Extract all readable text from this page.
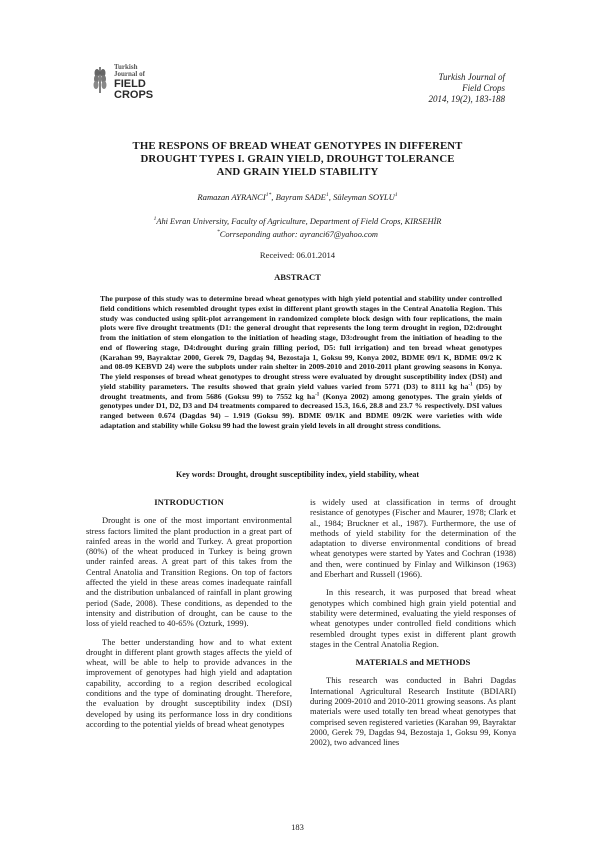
Turkish
Journal of
FIELD
CROPS
Turkish Journal of
Field Crops
2014, 19(2), 183-188
THE RESPONS OF BREAD WHEAT GENOTYPES IN DIFFERENT
DROUGHT TYPES I. GRAIN YIELD, DROUHGT TOLERANCE
AND GRAIN YIELD STABILITY
Ramazan $AYRANCI^{1*}$, Bayram SADE$^1$, Süleyman SOYLU$^1$
$^1$Ahi Evran University, Faculty of Agriculture, Department of Field Crops, KIRSEHİR
*Corrseponding author: ayranci67@yahoo.com
Received: 06.01.2014
ABSTRACT
The purpose of this study was to determine bread wheat genotypes with high yield potential and stability under controlled field conditions which resembled drought types exist in different plant growth stages in the Central Anatolia Region. This study was conducted using split-plot arrangement in randomized complete block design with four replications, the main plots were five drought treatments (D1: the general drought that represents the long term drought in region, D2:drought from the initiation of stem elongation to the initiation of heading stage, D3:drought from the initiation of heading to the end of flowering stage, D4:drought during grain filling period, D5: full irrigation) and ten bread wheat genotypes (Karahan 99, Bayraktar 2000, Gerek 79, Dagdaş 94, Bezostaja 1, Goksu 99, Konya 2002, BDME 09/1 K, BDME 09/2 K and 08-09 KEBVD 24) were the subplots under rain shelter in 2009-2010 and 2010-2011 plant growing seasons in Konya. The yield responses of bread wheat genotypes to drought stress were evaluated by drought susceptibility index (DSI) and yield stability parameters. The results showed that grain yield values varied from 5771 (D3) to 8111 kg $ha^{-1}$ (D5) by drought treatments, and from 5686 (Goksu 99) to 7552 kg $ha^{-1}$ (Konya 2002) among genotypes. The grain yields of genotypes under D1, D2, D3 and D4 treatments compared to decreased 15.3, 16.6, 28.8 and 23.7 % respectively. DSI values ranged between 0.674 (Dagdas 94) – 1.919 (Goksu 99). BDME 09/1K and BDME 09/2K were varieties with wide adaptation and stability while Goksu 99 had the lowest grain yield levels in all drought stress conditions.
Key words: Drought, drought susceptibility index, yield stability, wheat
INTRODUCTION

Drought is one of the most important environmental stress factors limited the plant production in a great part of rainfed areas in the world and Turkey. A great proportion (80%) of the wheat produced in Turkey is being grown under rainfed areas. A great part of this takes from the Central Anatolia and Transition Regions. On top of factors affected the yield in these areas comes inadequate rainfall and the distribution unbalanced of rainfall in plant growing period (Sade, 2008). These conditions, as depended to the intensity and distribution of drought, can be cause to the loss of yield reached to 40-65% (Ozturk, 1999).

The better understanding how and to what extent drought in different plant growth stages affects the yield of wheat, will be able to help to provide advances in the improvement of genotypes had high yield and adaptation capability, according to a region described ecological conditions and the type of dominating drought. Therefore, the evaluation by drought susceptibility index (DSI) developed by using its performance loss in dry conditions according to the potential yields of bread wheat genotypes

is widely used at classification in terms of drought resistance of genotypes (Fischer and Maurer, 1978; Clark et al., 1984; Bruckner et al., 1987). Furthermore, the use of methods of yield stability for the determination of the adaptation to diverse environmental conditions of bread wheat genotypes were started by Yates and Cochran (1938) and then, were continued by Finlay and Wilkinson (1963) and Eberhart and Russell (1966).

In this research, it was purposed that bread wheat genotypes which combined high grain yield potential and stability were determined, evaluating the yield responses of wheat genotypes under controlled field conditions which resembled drought types exist in different plant growth stages in the Central Anatolia Region.

MATERIALS and METHODS

This research was conducted in Bahri Dagdas International Agricultural Research Institute (BDIARI) during 2009-2010 and 2010-2011 growing seasons. As plant materials were used totally ten bread wheat genotypes that comprised seven registered varieties (Karahan 99, Bayraktar 2000, Gerek 79, Dagdas 94, Bezostaja 1, Goksu 99, Konya 2002), two advanced lines

183
